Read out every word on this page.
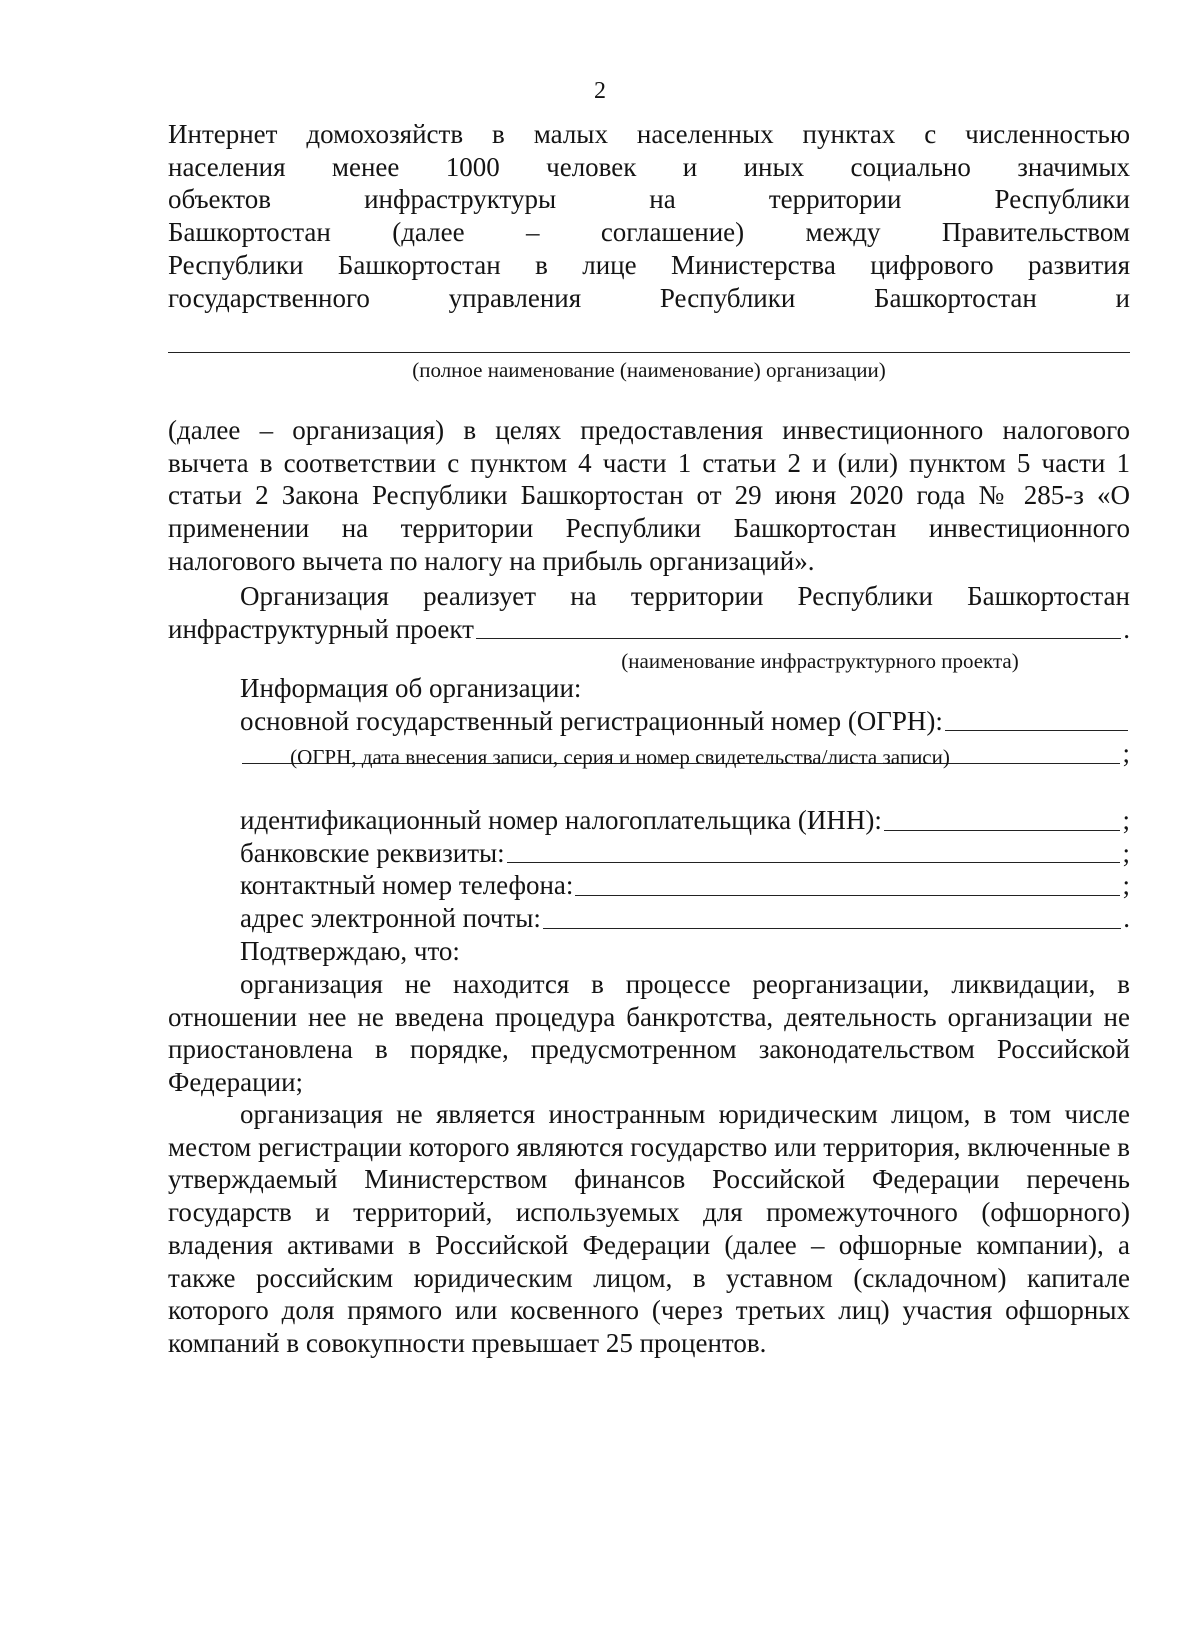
2
Интернет домохозяйств в малых населенных пунктах с численностью
населения менее 1000 человек и иных социально значимых
объектов инфраструктуры на территории Республики
Башкортостан (далее – соглашение) между Правительством
Республики Башкортостан в лице Министерства цифрового развития
государственного управления Республики Башкортостан и
(полное наименование (наименование) организации)
(далее – организация) в целях предоставления инвестиционного налогового вычета в соответствии с пунктом 4 части 1 статьи 2 и (или) пунктом 5 части 1 статьи 2 Закона Республики Башкортостан от 29 июня 2020 года № 285-з «О применении на территории Республики Башкортостан инвестиционного налогового вычета по налогу на прибыль организаций».
Организация реализует на территории Республики Башкортостан
инфраструктурный проект	.
(наименование инфраструктурного проекта)
Информация об организации:
основной государственный регистрационный номер (ОГРН):
;
(ОГРН, дата внесения записи, серия и номер свидетельства/листа записи)
идентификационный номер налогоплательщика (ИНН):	;
банковские реквизиты:	;
контактный номер телефона:	;
адрес электронной почты:	.
Подтверждаю, что:
организация не находится в процессе реорганизации, ликвидации, в отношении нее не введена процедура банкротства, деятельность организации не приостановлена в порядке, предусмотренном законодательством Российской Федерации;
организация не является иностранным юридическим лицом, в том числе местом регистрации которого являются государство или территория, включенные в утверждаемый Министерством финансов Российской Федерации перечень государств и территорий, используемых для промежуточного (офшорного) владения активами в Российской Федерации (далее – офшорные компании), а также российским юридическим лицом, в уставном (складочном) капитале которого доля прямого или косвенного (через третьих лиц) участия офшорных компаний в совокупности превышает 25 процентов.
